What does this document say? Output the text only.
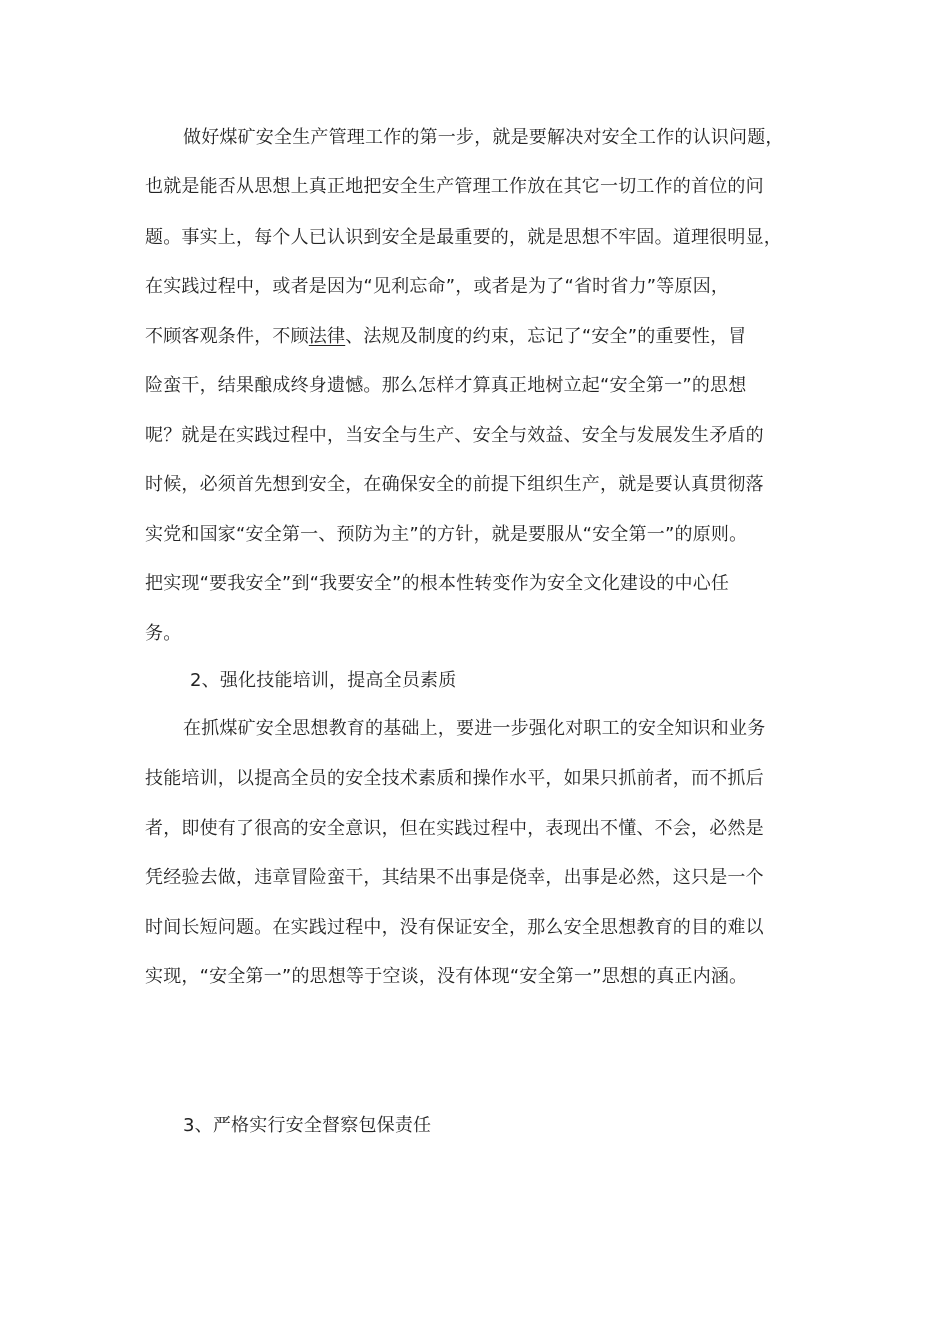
做好煤矿安全生产管理工作的第一步，就是要解决对安全工作的认识问题，
也就是能否从思想上真正地把安全生产管理工作放在其它一切工作的首位的问
题。事实上，每个人已认识到安全是最重要的，就是思想不牢固。道理很明显，
在实践过程中，或者是因为“见利忘命”，或者是为了“省时省力”等原因，
不顾客观条件，不顾法律、法规及制度的约束，忘记了“安全”的重要性，冒
险蛮干，结果酿成终身遗憾。那么怎样才算真正地树立起“安全第一”的思想
呢？就是在实践过程中，当安全与生产、安全与效益、安全与发展发生矛盾的
时候，必须首先想到安全，在确保安全的前提下组织生产，就是要认真贯彻落
实党和国家“安全第一、预防为主”的方针，就是要服从“安全第一”的原则。
把实现“要我安全”到“我要安全”的根本性转变作为安全文化建设的中心任
务。
2、强化技能培训，提高全员素质
在抓煤矿安全思想教育的基础上，要进一步强化对职工的安全知识和业务
技能培训，以提高全员的安全技术素质和操作水平，如果只抓前者，而不抓后
者，即使有了很高的安全意识，但在实践过程中，表现出不懂、不会，必然是
凭经验去做，违章冒险蛮干，其结果不出事是侥幸，出事是必然，这只是一个
时间长短问题。在实践过程中，没有保证安全，那么安全思想教育的目的难以
实现，“安全第一”的思想等于空谈，没有体现“安全第一”思想的真正内涵。
3、严格实行安全督察包保责任
